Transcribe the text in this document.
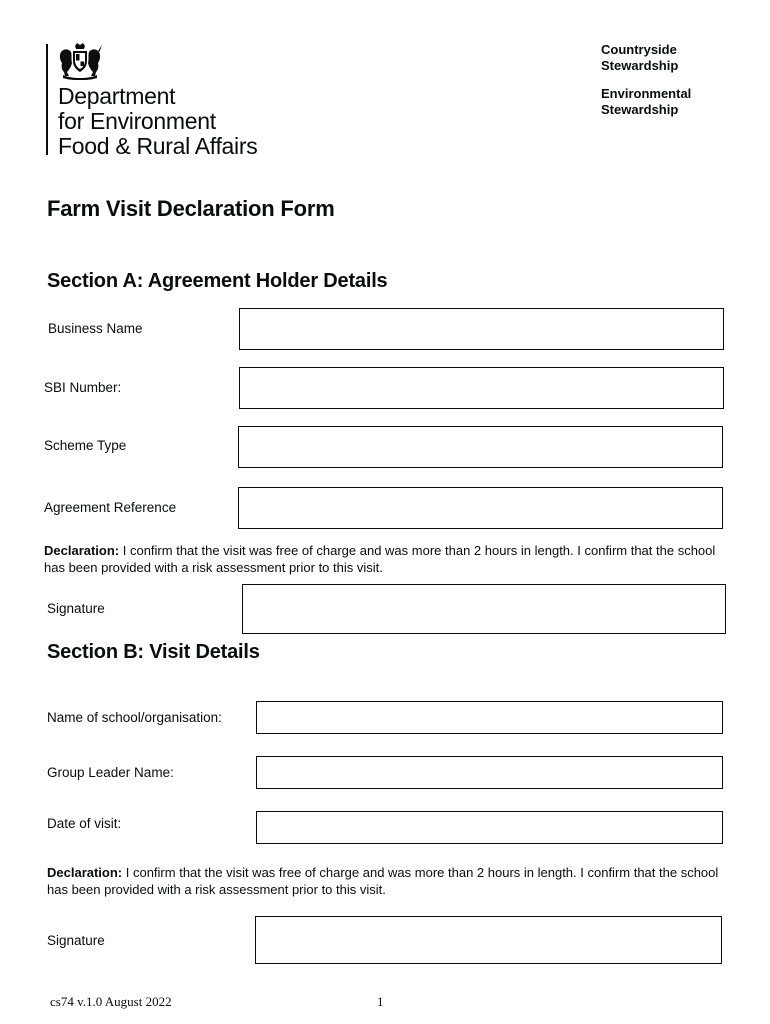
Department
for Environment
Food & Rural Affairs
Countryside
Stewardship
Environmental
Stewardship
Farm Visit Declaration Form
Section A: Agreement Holder Details
Business Name
SBI Number:
Scheme Type
Agreement Reference
Declaration: I confirm that the visit was free of charge and was more than 2 hours in length. I confirm that the school has been provided with a risk assessment prior to this visit.
Signature
Section B: Visit Details
Name of school/organisation:
Group Leader Name:
Date of visit:
Declaration: I confirm that the visit was free of charge and was more than 2 hours in length. I confirm that the school has been provided with a risk assessment prior to this visit.
Signature
cs74 v.1.0 August 2022	1
